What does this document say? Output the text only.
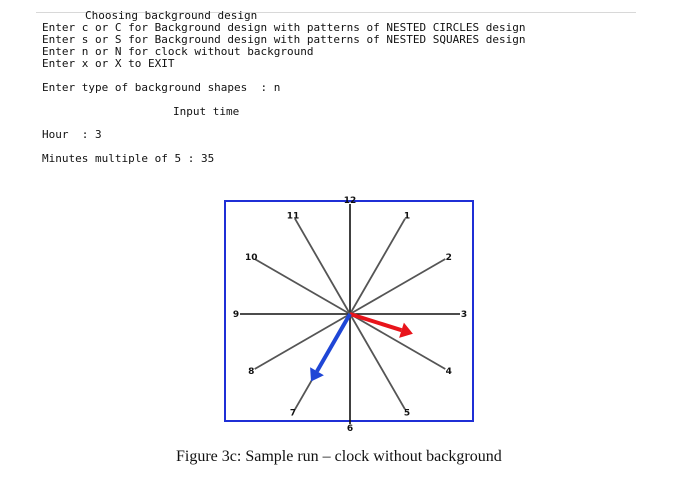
Choosing background design
Enter c or C for Background design with patterns of NESTED CIRCLES design
Enter s or S for Background design with patterns of NESTED SQUARES design
Enter n or N for clock without background
Enter x or X to EXIT
Enter type of background shapes  : n
Input time
Hour  : 3
Minutes multiple of 5 : 35
12
1
2
3
4
5
6
7
8
9
10
11
Figure 3c: Sample run – clock without background
